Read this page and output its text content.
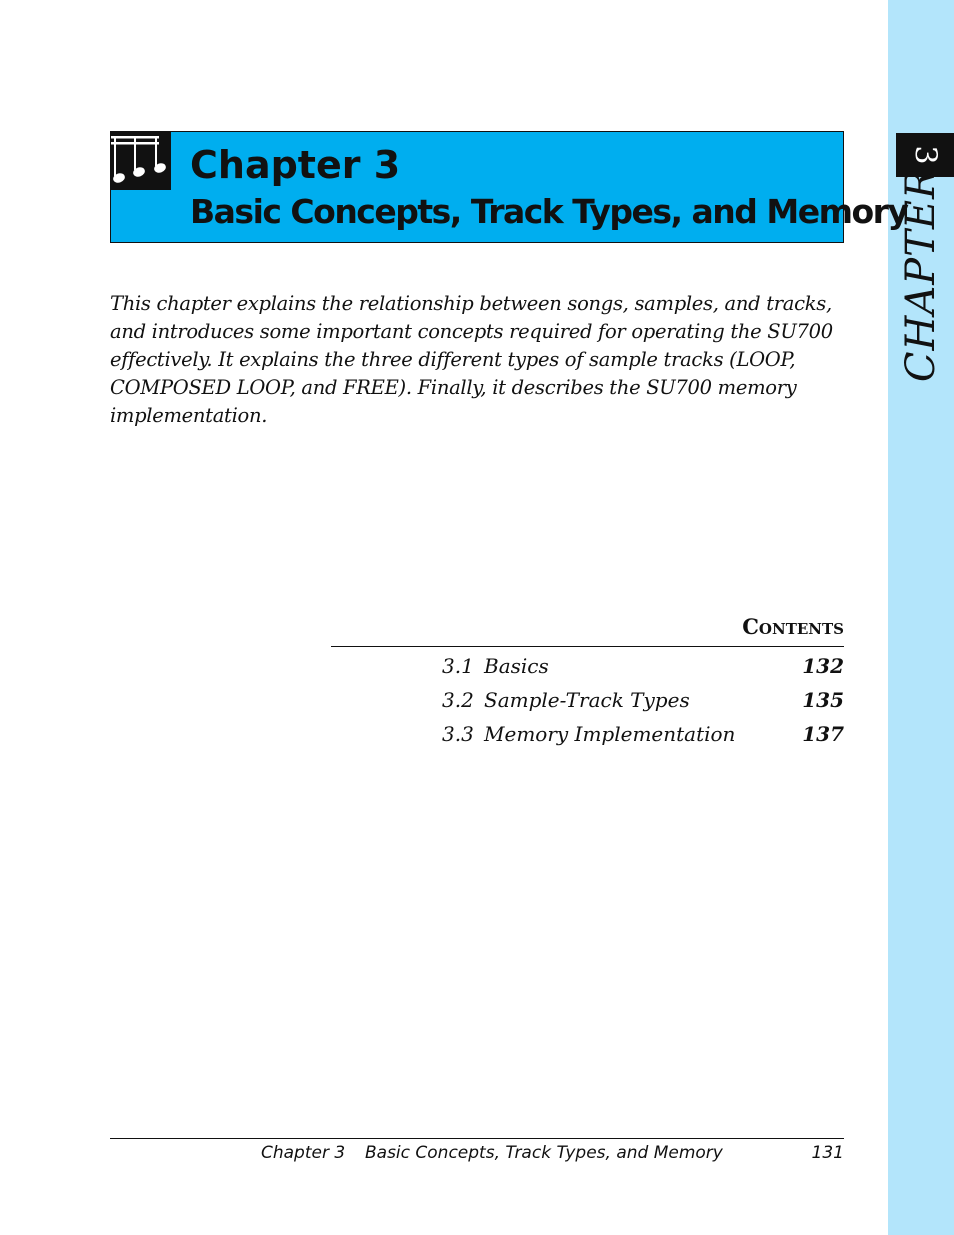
3
CHAPTER
Chapter 3
Basic Concepts, Track Types, and Memory

This chapter explains the relationship between songs, samples, and tracks, and introduces some important concepts required for operating the SU700 effectively. It explains the three different types of sample tracks (LOOP, COMPOSED LOOP, and FREE). Finally, it describes the SU700 memory implementation.

Contents
3.1 Basics	132
3.2 Sample-Track Types	135
3.3 Memory Implementation	137
Chapter 3 Basic Concepts, Track Types, and Memory	131
